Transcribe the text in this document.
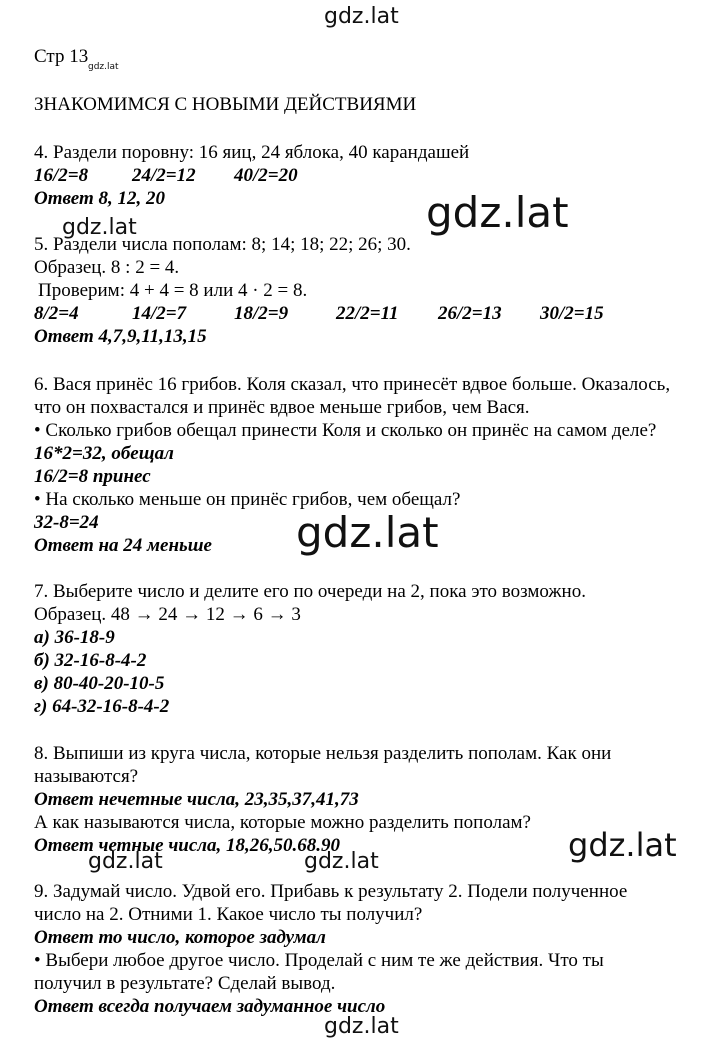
gdz.lat
gdz.lat
gdz.lat
gdz.lat
gdz.lat
gdz.lat
gdz.lat	gdz.lat
gdz.lat
Стр 13
ЗНАКОМИМСЯ С НОВЫМИ ДЕЙСТВИЯМИ
4. Раздели поровну: 16 яиц, 24 яблока, 40 карандашей
16/2=8 24/2=12 40/2=20
Ответ 8, 12, 20
5. Раздели числа пополам: 8; 14; 18; 22; 26; 30.
Образец. 8 : 2 = 4.
Проверим: 4 + 4 = 8 или 4 · 2 = 8.
8/2=4	14/2=7	18/2=9	22/2=11 26/2=13 30/2=15
Ответ 4,7,9,11,13,15
6. Вася принёс 16 грибов. Коля сказал, что принесёт вдвое больше. Оказалось,
что он похвастался и принёс вдвое меньше грибов, чем Вася.
• Сколько грибов обещал принести Коля и сколько он принёс на самом деле?
16*2=32, обещал
16/2=8 принес
• На сколько меньше он принёс грибов, чем обещал?
32-8=24
Ответ на 24 меньше
7. Выберите число и делите его по очереди на 2, пока это возможно.
Образец. 48 → 24 → 12 → 6 → 3
а) 36-18-9
б) 32-16-8-4-2
в) 80-40-20-10-5
г) 64-32-16-8-4-2
8. Выпиши из круга числа, которые нельзя разделить пополам. Как они
называются?
Ответ нечетные числа, 23,35,37,41,73
А как называются числа, которые можно разделить пополам?
Ответ четные числа, 18,26,50.68.90
9. Задумай число. Удвой его. Прибавь к результату 2. Подели полученное
число на 2. Отними 1. Какое число ты получил?
Ответ то число, которое задумал
• Выбери любое другое число. Проделай с ним те же действия. Что ты
получил в результате? Сделай вывод.
Ответ всегда получаем задуманное число
